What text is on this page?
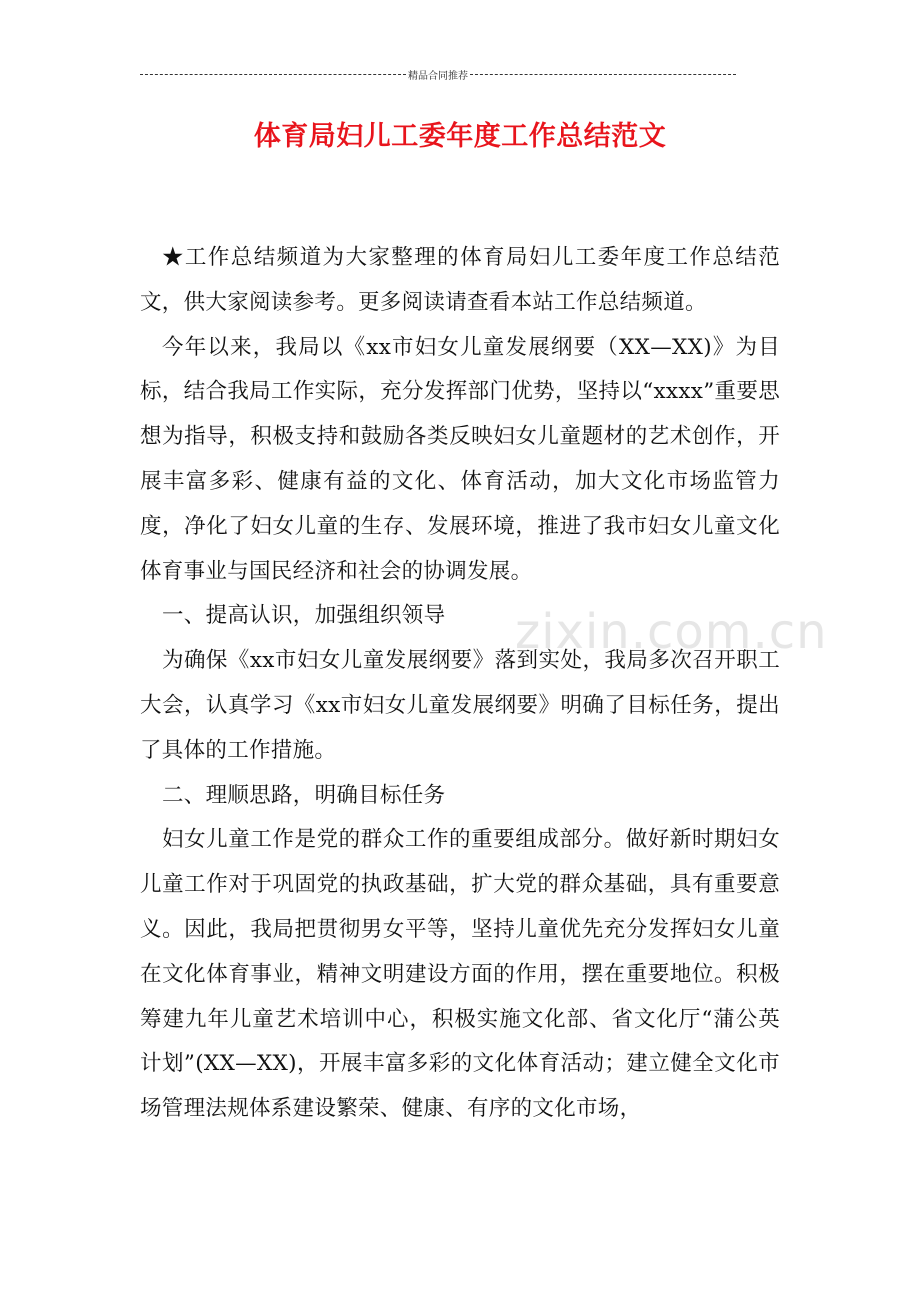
精品合同推荐
体育局妇儿工委年度工作总结范文

★工作总结频道为大家整理的体育局妇儿工委年度工作总结范文，供大家阅读参考。更多阅读请查看本站工作总结频道。

今年以来，我局以《xx市妇女儿童发展纲要（XX—XX)》为目标，结合我局工作实际，充分发挥部门优势，坚持以“xxxx”重要思想为指导，积极支持和鼓励各类反映妇女儿童题材的艺术创作，开展丰富多彩、健康有益的文化、体育活动，加大文化市场监管力度，净化了妇女儿童的生存、发展环境，推进了我市妇女儿童文化体育事业与国民经济和社会的协调发展。

一、提高认识，加强组织领导

为确保《xx市妇女儿童发展纲要》落到实处，我局多次召开职工大会，认真学习《xx市妇女儿童发展纲要》明确了目标任务，提出了具体的工作措施。

二、理顺思路，明确目标任务

妇女儿童工作是党的群众工作的重要组成部分。做好新时期妇女儿童工作对于巩固党的执政基础，扩大党的群众基础，具有重要意义。因此，我局把贯彻男女平等，坚持儿童优先充分发挥妇女儿童在文化体育事业，精神文明建设方面的作用，摆在重要地位。积极筹建九年儿童艺术培训中心，积极实施文化部、省文化厅“蒲公英计划”(XX—XX)，开展丰富多彩的文化体育活动；建立健全文化市场管理法规体系建设繁荣、健康、有序的文化市场，

zixin.com.cn
